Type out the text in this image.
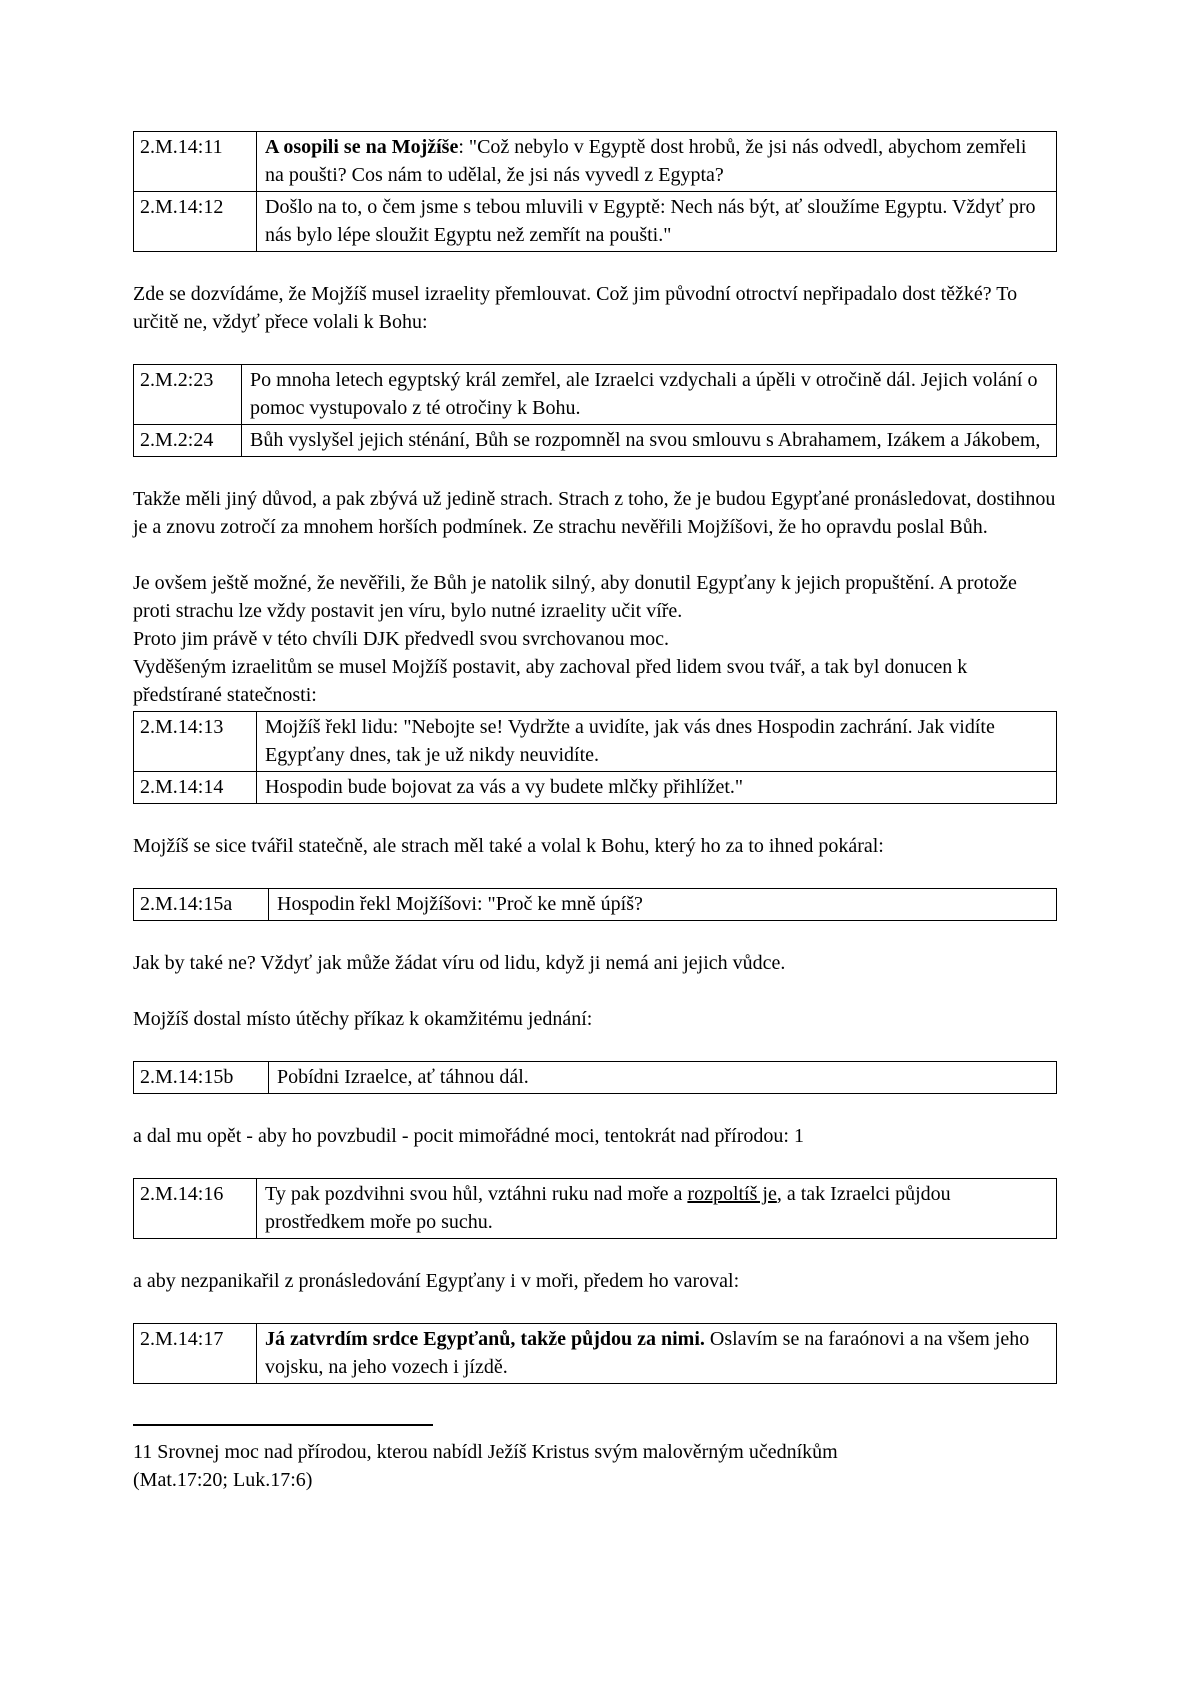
2.M.14:11	A osopili se na Mojžíše: "Což nebylo v Egyptě dost hrobů, že jsi nás odvedl, abychom zemřeli na poušti? Cos nám to udělal, že jsi nás vyvedl z Egypta?
2.M.14:12	Došlo na to, o čem jsme s tebou mluvili v Egyptě: Nech nás být, ať sloužíme Egyptu. Vždyť pro nás bylo lépe sloužit Egyptu než zemřít na poušti."

Zde se dozvídáme, že Mojžíš musel izraelity přemlouvat. Což jim původní otroctví nepřipadalo dost těžké? To určitě ne, vždyť přece volali k Bohu:

2.M.2:23	Po mnoha letech egyptský král zemřel, ale Izraelci vzdychali a úpěli v otročině dál. Jejich volání o pomoc vystupovalo z té otročiny k Bohu.
2.M.2:24	Bůh vyslyšel jejich sténání, Bůh se rozpomněl na svou smlouvu s Abrahamem, Izákem a Jákobem,

Takže měli jiný důvod, a pak zbývá už jedině strach. Strach z toho, že je budou Egypťané pronásledovat, dostihnou je a znovu zotročí za mnohem horších podmínek. Ze strachu nevěřili Mojžíšovi, že ho opravdu poslal Bůh.

Je ovšem ještě možné, že nevěřili, že Bůh je natolik silný, aby donutil Egypťany k jejich propuštění. A protože proti strachu lze vždy postavit jen víru, bylo nutné izraelity učit víře.

Proto jim právě v této chvíli DJK předvedl svou svrchovanou moc.

Vyděšeným izraelitům se musel Mojžíš postavit, aby zachoval před lidem svou tvář, a tak byl donucen k předstírané statečnosti:

2.M.14:13	Mojžíš řekl lidu: "Nebojte se! Vydržte a uvidíte, jak vás dnes Hospodin zachrání. Jak vidíte Egypťany dnes, tak je už nikdy neuvidíte.
2.M.14:14	Hospodin bude bojovat za vás a vy budete mlčky přihlížet."

Mojžíš se sice tvářil statečně, ale strach měl také a volal k Bohu, který ho za to ihned pokáral:

2.M.14:15a	Hospodin řekl Mojžíšovi: "Proč ke mně úpíš?

Jak by také ne? Vždyť jak může žádat víru od lidu, když ji nemá ani jejich vůdce.

Mojžíš dostal místo útěchy příkaz k okamžitému jednání:

2.M.14:15b	Pobídni Izraelce, ať táhnou dál.

a dal mu opět - aby ho povzbudil - pocit mimořádné moci, tentokrát nad přírodou: 1

2.M.14:16	Ty pak pozdvihni svou hůl, vztáhni ruku nad moře a rozpoltíš je, a tak Izraelci půjdou prostředkem moře po suchu.

a aby nezpanikařil z pronásledování Egypťany i v moři, předem ho varoval:

2.M.14:17	Já zatvrdím srdce Egypťanů, takže půjdou za nimi. Oslavím se na faraónovi a na všem jeho vojsku, na jeho vozech i jízdě.

11 Srovnej moc nad přírodou, kterou nabídl Ježíš Kristus svým malověrným učedníkům

(Mat.17:20; Luk.17:6)
